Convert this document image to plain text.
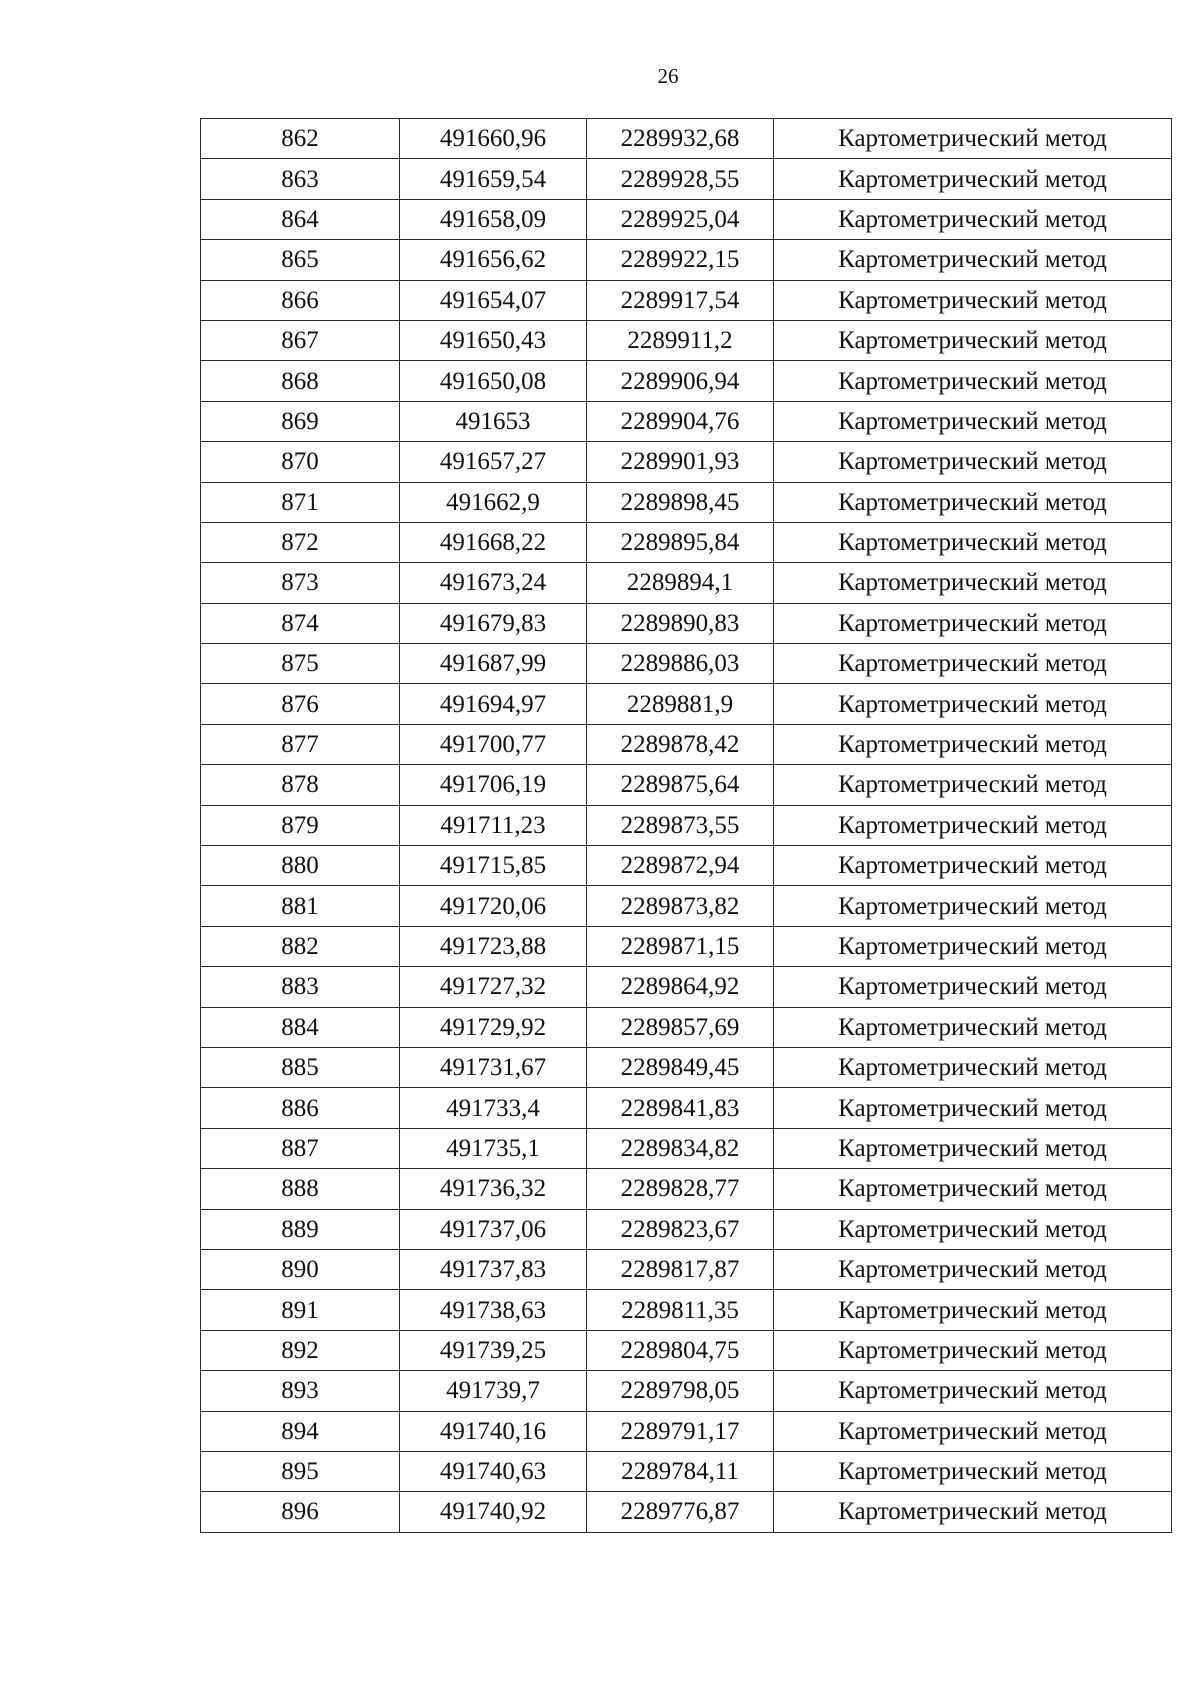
26
862	491660,96	2289932,68	Картометрический метод
863	491659,54	2289928,55	Картометрический метод
864	491658,09	2289925,04	Картометрический метод
865	491656,62	2289922,15	Картометрический метод
866	491654,07	2289917,54	Картометрический метод
867	491650,43	2289911,2	Картометрический метод
868	491650,08	2289906,94	Картометрический метод
869	491653	2289904,76	Картометрический метод
870	491657,27	2289901,93	Картометрический метод
871	491662,9	2289898,45	Картометрический метод
872	491668,22	2289895,84	Картометрический метод
873	491673,24	2289894,1	Картометрический метод
874	491679,83	2289890,83	Картометрический метод
875	491687,99	2289886,03	Картометрический метод
876	491694,97	2289881,9	Картометрический метод
877	491700,77	2289878,42	Картометрический метод
878	491706,19	2289875,64	Картометрический метод
879	491711,23	2289873,55	Картометрический метод
880	491715,85	2289872,94	Картометрический метод
881	491720,06	2289873,82	Картометрический метод
882	491723,88	2289871,15	Картометрический метод
883	491727,32	2289864,92	Картометрический метод
884	491729,92	2289857,69	Картометрический метод
885	491731,67	2289849,45	Картометрический метод
886	491733,4	2289841,83	Картометрический метод
887	491735,1	2289834,82	Картометрический метод
888	491736,32	2289828,77	Картометрический метод
889	491737,06	2289823,67	Картометрический метод
890	491737,83	2289817,87	Картометрический метод
891	491738,63	2289811,35	Картометрический метод
892	491739,25	2289804,75	Картометрический метод
893	491739,7	2289798,05	Картометрический метод
894	491740,16	2289791,17	Картометрический метод
895	491740,63	2289784,11	Картометрический метод
896	491740,92	2289776,87	Картометрический метод
